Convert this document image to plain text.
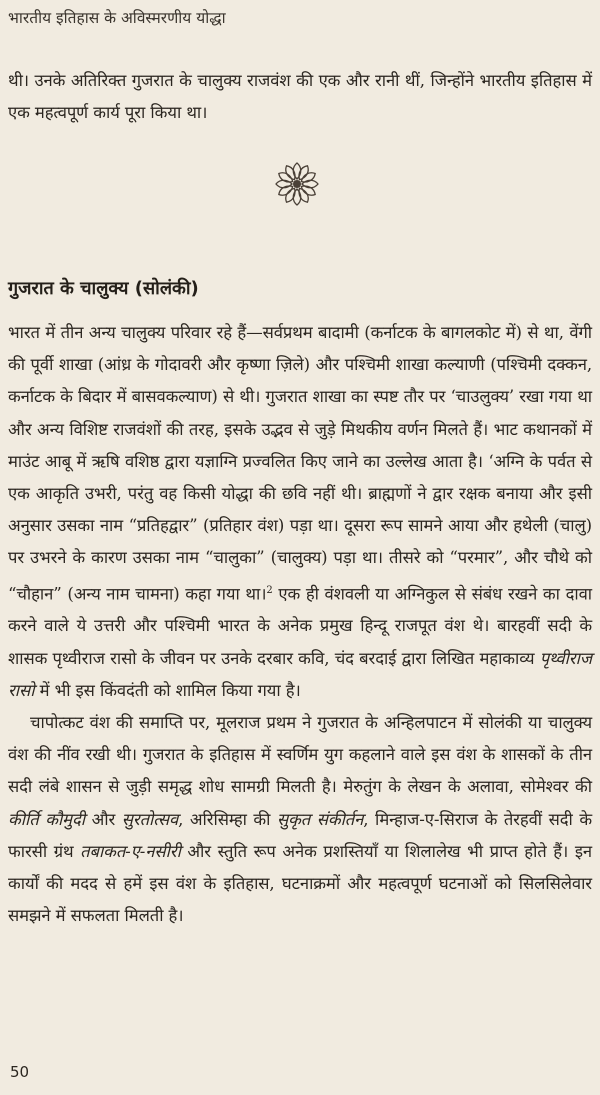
भारतीय इतिहास के अविस्मरणीय योद्धा

थी। उनके अतिरिक्त गुजरात के चालुक्य राजवंश की एक और रानी थीं, जिन्होंने भारतीय इतिहास में एक महत्वपूर्ण कार्य पूरा किया था।

गुजरात के चालुक्य (सोलंकी)

भारत में तीन अन्य चालुक्य परिवार रहे हैं—सर्वप्रथम बादामी (कर्नाटक के बागलकोट में) से था, वेंगी की पूर्वी शाखा (आंध्र के गोदावरी और कृष्णा ज़िले) और पश्चिमी शाखा कल्याणी (पश्चिमी दक्कन, कर्नाटक के बिदार में बासवकल्याण) से थी। गुजरात शाखा का स्पष्ट तौर पर ‘चाउलुक्य’ रखा गया था और अन्य विशिष्ट राजवंशों की तरह, इसके उद्भव से जुड़े मिथकीय वर्णन मिलते हैं। भाट कथानकों में माउंट आबू में ऋषि वशिष्ठ द्वारा यज्ञाग्नि प्रज्वलित किए जाने का उल्लेख आता है। ‘अग्नि के पर्वत से एक आकृति उभरी, परंतु वह किसी योद्धा की छवि नहीं थी। ब्राह्मणों ने द्वार रक्षक बनाया और इसी अनुसार उसका नाम “प्रतिहद्वार” (प्रतिहार वंश) पड़ा था। दूसरा रूप सामने आया और हथेली (चालु) पर उभरने के कारण उसका नाम “चालुका” (चालुक्य) पड़ा था। तीसरे को “परमार”, और चौथे को “चौहान” (अन्य नाम चामना) कहा गया था।$^2$ एक ही वंशवली या अग्निकुल से संबंध रखने का दावा करने वाले ये उत्तरी और पश्चिमी भारत के अनेक प्रमुख हिन्दू राजपूत वंश थे। बारहवीं सदी के शासक पृथ्वीराज रासो के जीवन पर उनके दरबार कवि, चंद बरदाई द्वारा लिखित महाकाव्य पृथ्वीराज रासो में भी इस किंवदंती को शामिल किया गया है।

चापोत्कट वंश की समाप्ति पर, मूलराज प्रथम ने गुजरात के अन्हिलपाटन में सोलंकी या चालुक्य वंश की नींव रखी थी। गुजरात के इतिहास में स्वर्णिम युग कहलाने वाले इस वंश के शासकों के तीन सदी लंबे शासन से जुड़ी समृद्ध शोध सामग्री मिलती है। मेरुतुंग के लेखन के अलावा, सोमेश्वर की कीर्ति कौमुदी और सुरतोत्सव, अरिसिम्हा की सुकृत संकीर्तन, मिन्हाज-ए-सिराज के तेरहवीं सदी के फारसी ग्रंथ तबाकत-ए-नसीरी और स्तुति रूप अनेक प्रशस्तियाँ या शिलालेख भी प्राप्त होते हैं। इन कार्यों की मदद से हमें इस वंश के इतिहास, घटनाक्रमों और महत्वपूर्ण घटनाओं को सिलसिलेवार समझने में सफलता मिलती है।

50
